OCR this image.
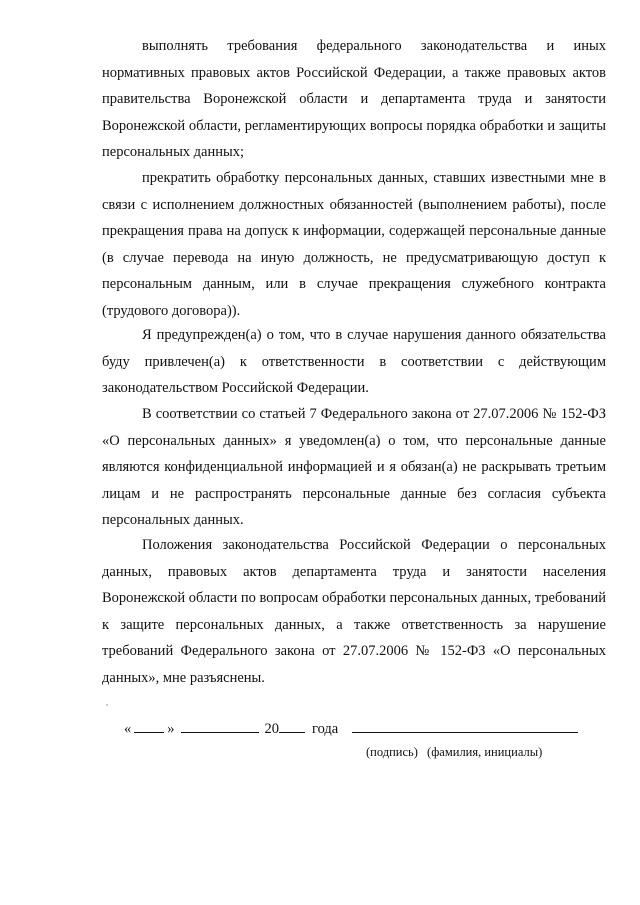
выполнять требования федерального законодательства и иных нормативных правовых актов Российской Федерации, а также правовых актов правительства Воронежской области и департамента труда и занятости Воронежской области, регламентирующих вопросы порядка обработки и защиты персональных данных;

прекратить обработку персональных данных, ставших известными мне в связи с исполнением должностных обязанностей (выполнением работы), после прекращения права на допуск к информации, содержащей персональные данные (в случае перевода на иную должность, не предусматривающую доступ к персональным данным, или в случае прекращения служебного контракта (трудового договора)).

Я предупрежден(а) о том, что в случае нарушения данного обязательства буду привлечен(а) к ответственности в соответствии с действующим законодательством Российской Федерации.

В соответствии со статьей 7 Федерального закона от 27.07.2006 № 152-ФЗ «О персональных данных» я уведомлен(а) о том, что персональные данные являются конфиденциальной информацией и я обязан(а) не раскрывать третьим лицам и не распространять персональные данные без согласия субъекта персональных данных.

Положения законодательства Российской Федерации о персональных данных, правовых актов департамента труда и занятости населения Воронежской области по вопросам обработки персональных данных, требований к защите персональных данных, а также ответственность за нарушение требований Федерального закона от 27.07.2006 № 152-ФЗ «О персональных данных», мне разъяснены.

« »	20 года
(подпись) (фамилия, инициалы)
